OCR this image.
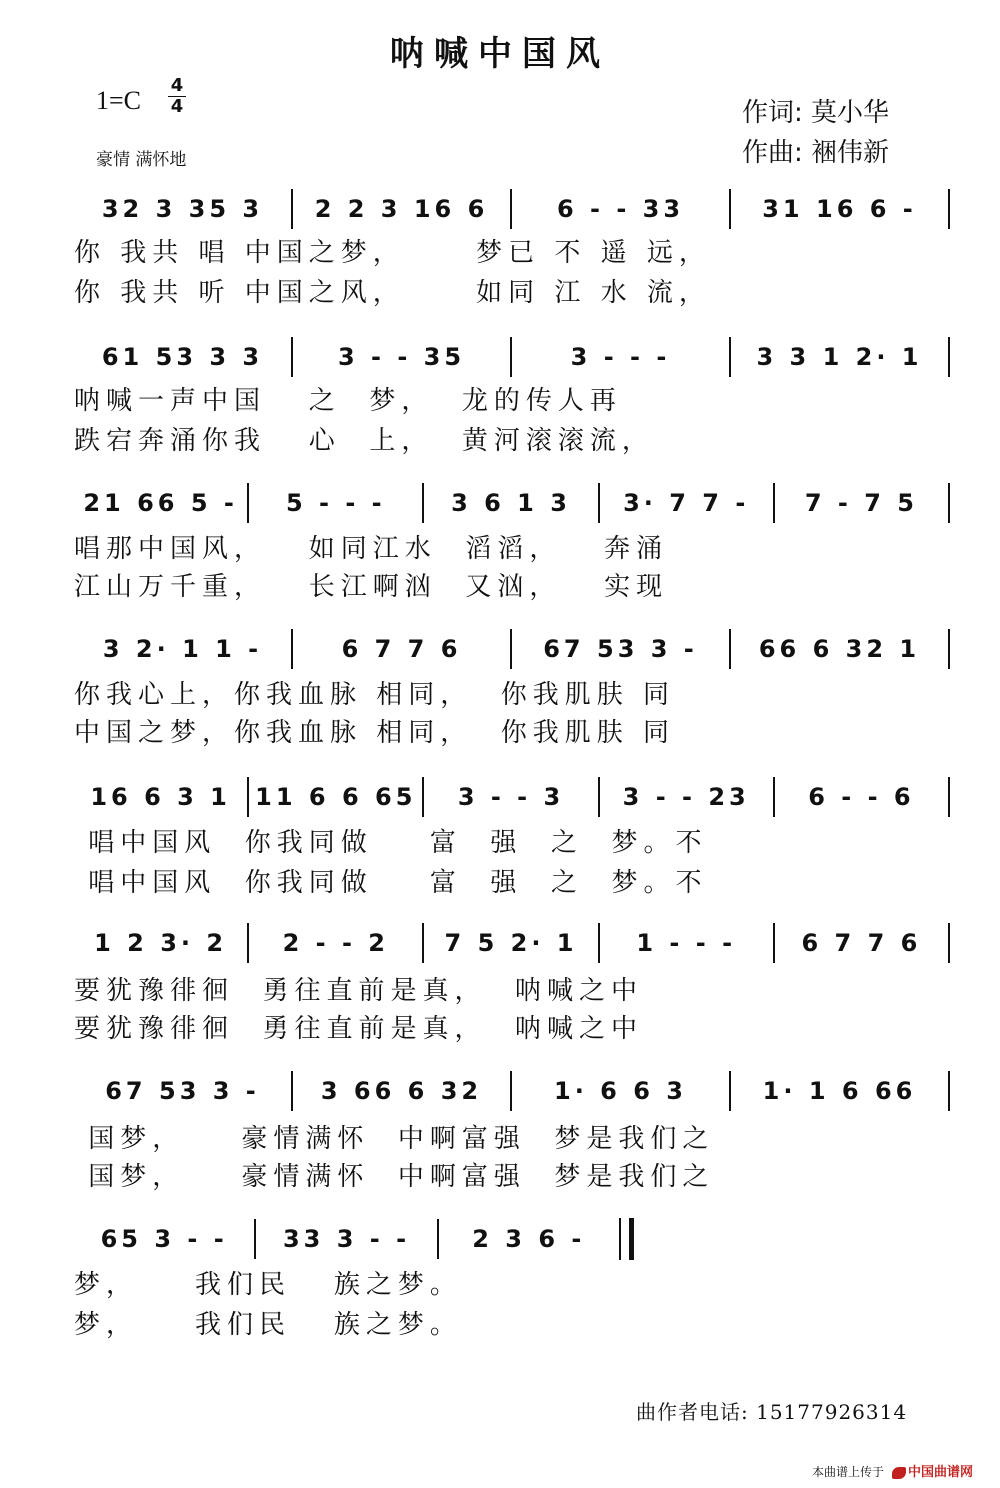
呐喊中国风
1=C
4
4
豪情 满怀地
作词: 莫小华
作曲: 裍伟新
32 3 35 3	2 2 3 16 6	6 - - 33	31 16 6 -
你 我共 唱 中国之梦，     梦已 不 遥 远，
你 我共 听 中国之风，     如同 江 水 流，
61 53 3 3	3 - - 35	3 - - -	3 3 1 2· 1
呐喊一声中国   之  梦，  龙的传人再
跌宕奔涌你我   心  上，  黄河滚滚流，
21 66 5 -	5 - - -	3 6 1 3	3· 7 7 -	7 - 7 5
唱那中国风，   如同江水  滔滔，   奔涌
江山万千重，   长江啊汹  又汹，   实现
3 2· 1 1 -	6 7 7 6	67 53 3 -	66 6 32 1
你我心上，你我血脉 相同，  你我肌肤 同
中国之梦，你我血脉 相同，  你我肌肤 同
16 6 3 1	11 6 6 65	3 - - 3	3 - - 23	6 - - 6
唱中国风  你我同做    富  强  之  梦。不
唱中国风  你我同做    富  强  之  梦。不
1 2 3· 2	2 - - 2	7 5 2· 1	1 - - -	6 7 7 6
要犹豫徘徊  勇往直前是真，  呐喊之中
要犹豫徘徊  勇往直前是真，  呐喊之中
67 53 3 -	3 66 6 32	1· 6 6 3	1· 1 6 66
国梦，    豪情满怀  中啊富强  梦是我们之
国梦，    豪情满怀  中啊富强  梦是我们之
65 3 - -	33 3 - -	2 3 6 -
梦，    我们民   族之梦。
梦，    我们民   族之梦。
曲作者电话: 15177926314
本曲谱上传于	中国曲谱网
